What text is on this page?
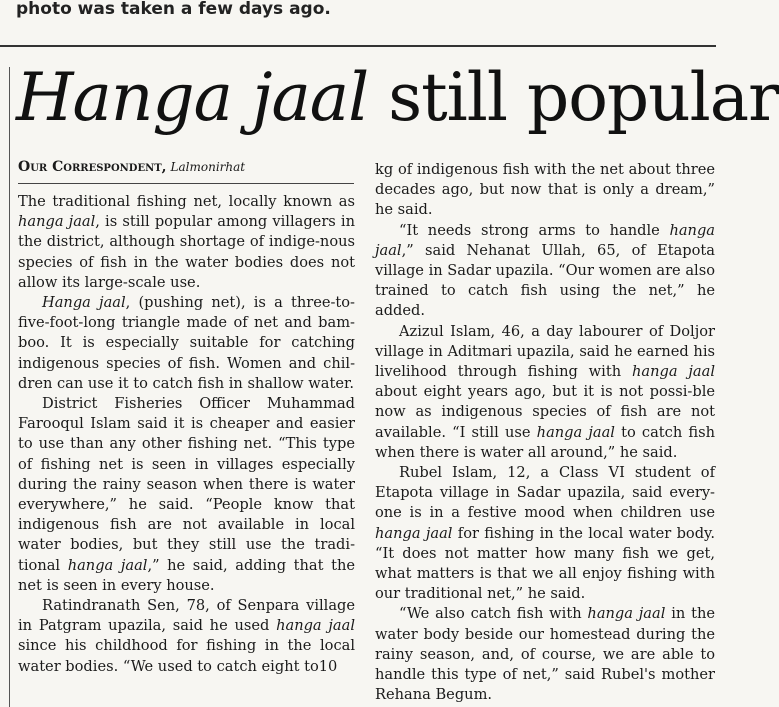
photo was taken a few days ago.
Hanga jaal still popular
Our Correspondent, Lalmonirhat

The traditional fishing net, locally known as hanga jaal, is still popular among villagers in the district, although shortage of indige-nous species of fish in the water bodies does not allow its large-scale use.

Hanga jaal, (pushing net), is a three-to-five-foot-long triangle made of net and bam-boo. It is especially suitable for catching indigenous species of fish. Women and chil-dren can use it to catch fish in shallow water.

District Fisheries Officer Muhammad Farooqul Islam said it is cheaper and easier to use than any other fishing net. “This type of fishing net is seen in villages especially during the rainy season when there is water everywhere,” he said. “People know that indigenous fish are not available in local water bodies, but they still use the tradi-tional hanga jaal,” he said, adding that the net is seen in every house.

Ratindranath Sen, 78, of Senpara village in Patgram upazila, said he used hanga jaal since his childhood for fishing in the local water bodies. “We used to catch eight to10

kg of indigenous fish with the net about three decades ago, but now that is only a dream,” he said.

“It needs strong arms to handle hanga jaal,” said Nehanat Ullah, 65, of Etapota village in Sadar upazila. “Our women are also trained to catch fish using the net,” he added.

Azizul Islam, 46, a day labourer of Doljor village in Aditmari upazila, said he earned his livelihood through fishing with hanga jaal about eight years ago, but it is not possi-ble now as indigenous species of fish are not available. “I still use hanga jaal to catch fish when there is water all around,” he said.

Rubel Islam, 12, a Class VI student of Etapota village in Sadar upazila, said every-one is in a festive mood when children use hanga jaal for fishing in the local water body. “It does not matter how many fish we get, what matters is that we all enjoy fishing with our traditional net,” he said.

“We also catch fish with hanga jaal in the water body beside our homestead during the rainy season, and, of course, we are able to handle this type of net,” said Rubel's mother Rehana Begum.
